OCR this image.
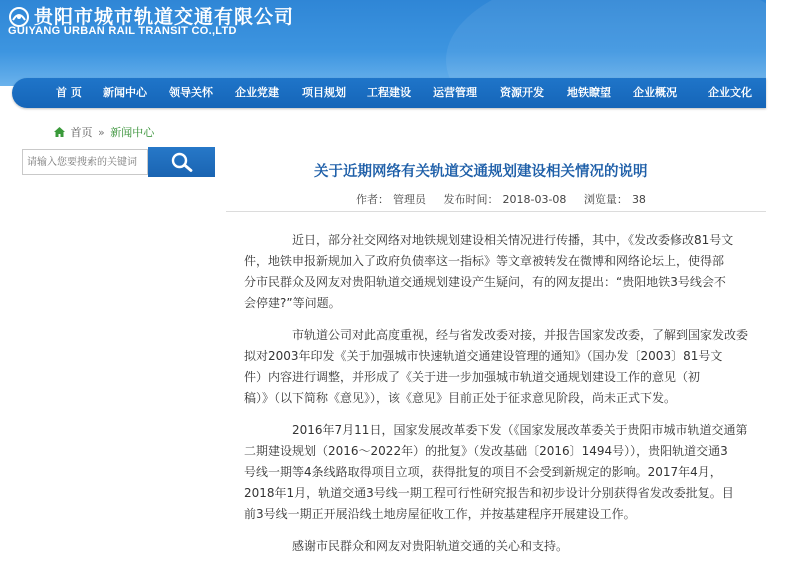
贵阳市城市轨道交通有限公司
GUIYANG URBAN RAIL TRANSIT CO.,LTD
首 页 新闻中心 领导关怀 企业党建 项目规划 工程建设 运营管理 资源开发 地铁瞭望 企业概况	企业文化
首页 » 新闻中心
请输入您要搜索的关键词
关于近期网络有关轨道交通规划建设相关情况的说明
作者： 管理员 发布时间： 2018-03-08 浏览量： 38

近日，部分社交网络对地铁规划建设相关情况进行传播，其中，《发改委修改81号文
件，地铁申报新规加入了政府负债率这一指标》等文章被转发在微博和网络论坛上，使得部
分市民群众及网友对贵阳轨道交通规划建设产生疑问，有的网友提出：“贵阳地铁3号线会不
会停建?”等问题。

市轨道公司对此高度重视，经与省发改委对接，并报告国家发改委，了解到国家发改委
拟对2003年印发《关于加强城市快速轨道交通建设管理的通知》（国办发〔2003〕81号文
件）内容进行调整，并形成了《关于进一步加强城市轨道交通规划建设工作的意见（初
稿）》（以下简称《意见》），该《意见》目前正处于征求意见阶段，尚未正式下发。

2016年7月11日，国家发展改革委下发（《国家发展改革委关于贵阳市城市轨道交通第
二期建设规划（2016～2022年）的批复》（发改基础〔2016〕1494号）），贵阳轨道交通3
号线一期等4条线路取得项目立项，获得批复的项目不会受到新规定的影响。2017年4月，
2018年1月，轨道交通3号线一期工程可行性研究报告和初步设计分别获得省发改委批复。目
前3号线一期正开展沿线土地房屋征收工作，并按基建程序开展建设工作。

感谢市民群众和网友对贵阳轨道交通的关心和支持。
